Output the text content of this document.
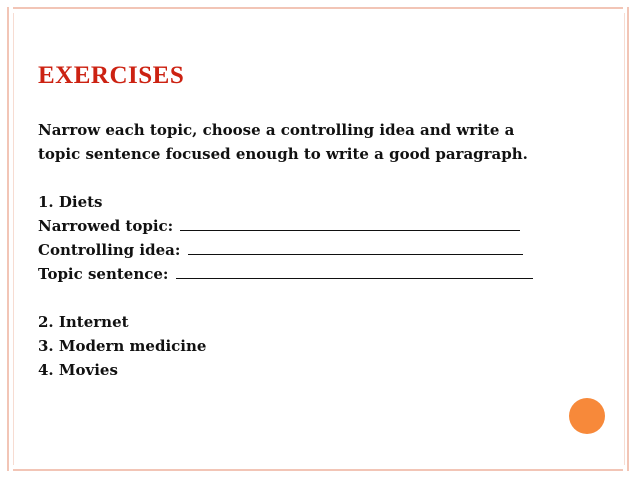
EXERCISES
Narrow each topic, choose a controlling idea and write a
topic sentence focused enough to write a good paragraph.
1. Diets
Narrowed topic:
Controlling idea:
Topic sentence:
2. Internet
3. Modern medicine
4. Movies
